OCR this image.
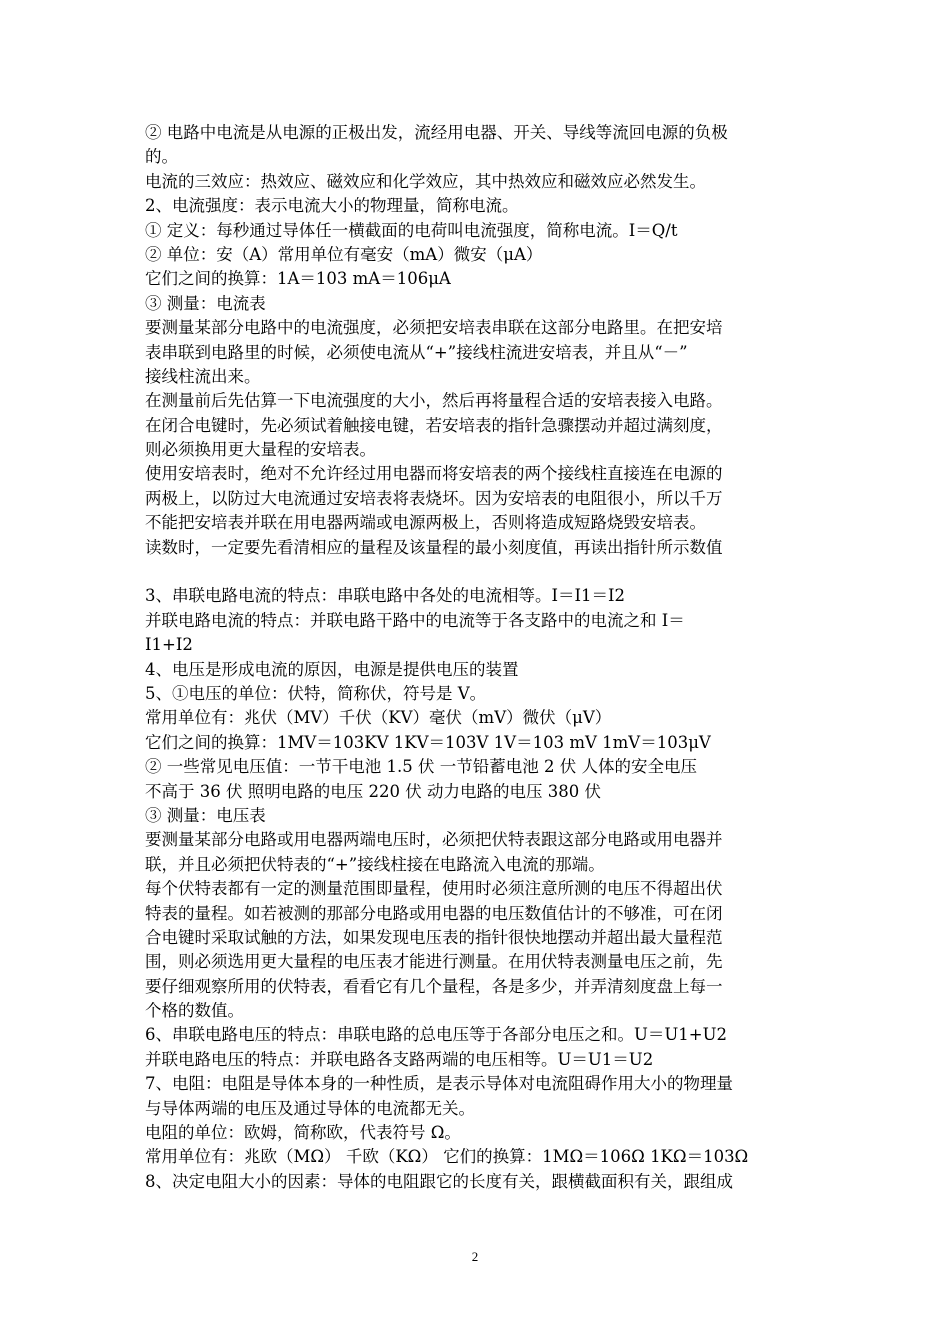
② 电路中电流是从电源的正极出发，流经用电器、开关、导线等流回电源的负极
的。
电流的三效应：热效应、磁效应和化学效应，其中热效应和磁效应必然发生。
2、电流强度：表示电流大小的物理量，简称电流。
① 定义：每秒通过导体任一横截面的电荷叫电流强度，简称电流。I＝Q/t
② 单位：安（A）常用单位有毫安（mA）微安（μA）
它们之间的换算：1A＝103 mA＝106μA
③ 测量：电流表
要测量某部分电路中的电流强度，必须把安培表串联在这部分电路里。在把安培
表串联到电路里的时候，必须使电流从“+”接线柱流进安培表，并且从“－”
接线柱流出来。
在测量前后先估算一下电流强度的大小，然后再将量程合适的安培表接入电路。
在闭合电键时，先必须试着触接电键，若安培表的指针急骤摆动并超过满刻度，
则必须换用更大量程的安培表。
使用安培表时，绝对不允许经过用电器而将安培表的两个接线柱直接连在电源的
两极上，以防过大电流通过安培表将表烧坏。因为安培表的电阻很小，所以千万
不能把安培表并联在用电器两端或电源两极上，否则将造成短路烧毁安培表。
读数时，一定要先看清相应的量程及该量程的最小刻度值，再读出指针所示数值
3、串联电路电流的特点：串联电路中各处的电流相等。I＝I1＝I2
并联电路电流的特点：并联电路干路中的电流等于各支路中的电流之和 I＝
I1+I2
4、电压是形成电流的原因，电源是提供电压的装置
5、①电压的单位：伏特，简称伏，符号是 V。
常用单位有：兆伏（MV）千伏（KV）毫伏（mV）微伏（μV）
它们之间的换算：1MV＝103KV 1KV＝103V 1V＝103 mV 1mV＝103μV
② 一些常见电压值：一节干电池 1.5 伏 一节铅蓄电池 2 伏 人体的安全电压
不高于 36 伏 照明电路的电压 220 伏 动力电路的电压 380 伏
③ 测量：电压表
要测量某部分电路或用电器两端电压时，必须把伏特表跟这部分电路或用电器并
联，并且必须把伏特表的“+”接线柱接在电路流入电流的那端。
每个伏特表都有一定的测量范围即量程，使用时必须注意所测的电压不得超出伏
特表的量程。如若被测的那部分电路或用电器的电压数值估计的不够准，可在闭
合电键时采取试触的方法，如果发现电压表的指针很快地摆动并超出最大量程范
围，则必须选用更大量程的电压表才能进行测量。在用伏特表测量电压之前，先
要仔细观察所用的伏特表，看看它有几个量程，各是多少，并弄清刻度盘上每一
个格的数值。
6、串联电路电压的特点：串联电路的总电压等于各部分电压之和。U＝U1+U2
并联电路电压的特点：并联电路各支路两端的电压相等。U＝U1＝U2
7、电阻：电阻是导体本身的一种性质，是表示导体对电流阻碍作用大小的物理量
与导体两端的电压及通过导体的电流都无关。
电阻的单位：欧姆，简称欧，代表符号 Ω。
常用单位有：兆欧（MΩ） 千欧（KΩ） 它们的换算：1MΩ＝106Ω 1KΩ＝103Ω
8、决定电阻大小的因素：导体的电阻跟它的长度有关，跟横截面积有关，跟组成
2
